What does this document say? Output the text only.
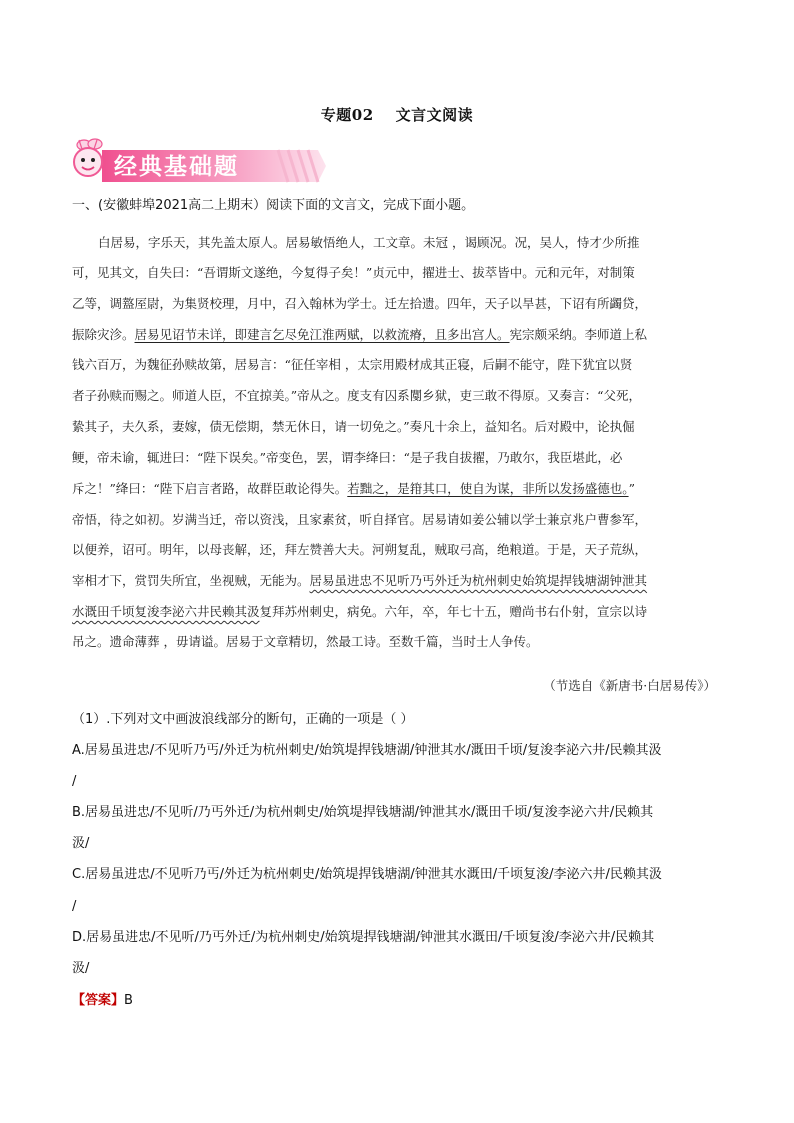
专题02 文言文阅读
经典基础题
一、(安徽蚌埠2021高二上期末）阅读下面的文言文，完成下面小题。
白居易，字乐天，其先盖太原人。居易敏悟绝人，工文章。未冠 ，谒顾况。况，吴人，恃才少所推
可，见其文，自失曰：“吾谓斯文遂绝，今复得子矣！”贞元中，擢进士、拔萃皆中。元和元年，对制策
乙等，调盩厔尉，为集贤校理，月中，召入翰林为学士。迁左拾遗。四年，天子以旱甚，下诏有所蠲贷，
振除灾沴。居易见诏节未详，即建言乞尽免江淮两赋，以救流瘠，且多出宫人。宪宗颇采纳。李师道上私
钱六百万，为魏征孙赎故第，居易言：“征任宰相 ，太宗用殿材成其正寝，后嗣不能守，陛下犹宜以贤
者子孙赎而赐之。师道人臣，不宜掠美。”帝从之。度支有囚系閺乡狱，吏三敢不得原。又奏言：“父死，
絷其子，夫久系，妻嫁，债无偿期，禁无休日，请一切免之。”奏凡十余上，益知名。后对殿中，论执倔
鲠，帝未谕，辄进曰：“陛下误矣。”帝变色，罢，谓李绛曰：“是子我自拔擢，乃敢尔，我臣堪此，必
斥之！”绛曰：“陛下启言者路，故群臣敢论得失。若黜之，是箝其口，使自为谋，非所以发扬盛德也。”
帝悟，待之如初。岁满当迁，帝以资浅，且家素贫，听自择官。居易请如姜公辅以学士兼京兆户曹参军，
以便养，诏可。明年，以母丧解，还，拜左赞善大夫。河朔复乱，贼取弓高，绝粮道。于是，天子荒纵，
宰相才下，赏罚失所宜，坐视贼，无能为。居易虽进忠不见听乃丐外迁为杭州刺史始筑堤捍钱塘湖钟泄其
水溉田千顷复浚李泌六井民赖其汲复拜苏州刺史，病免。六年，卒，年七十五，赠尚书右仆射，宣宗以诗
吊之。遗命薄葬 ，毋请谥。居易于文章精切，然最工诗。至数千篇，当时士人争传。
（节选自《新唐书·白居易传》）
（1）.下列对文中画波浪线部分的断句，正确的一项是（ ）
A.居易虽进忠/不见听乃丐/外迁为杭州刺史/始筑堤捍钱塘湖/钟泄其水/溉田千顷/复浚李泌六井/民赖其汲
/
B.居易虽进忠/不见听/乃丐外迁/为杭州刺史/始筑堤捍钱塘湖/钟泄其水/溉田千顷/复浚李泌六井/民赖其
汲/
C.居易虽进忠/不见听乃丐/外迁为杭州刺史/始筑堤捍钱塘湖/钟泄其水溉田/千顷复浚/李泌六井/民赖其汲
/
D.居易虽进忠/不见听/乃丐外迁/为杭州刺史/始筑堤捍钱塘湖/钟泄其水溉田/千顷复浚/李泌六井/民赖其
汲/
【答案】B
